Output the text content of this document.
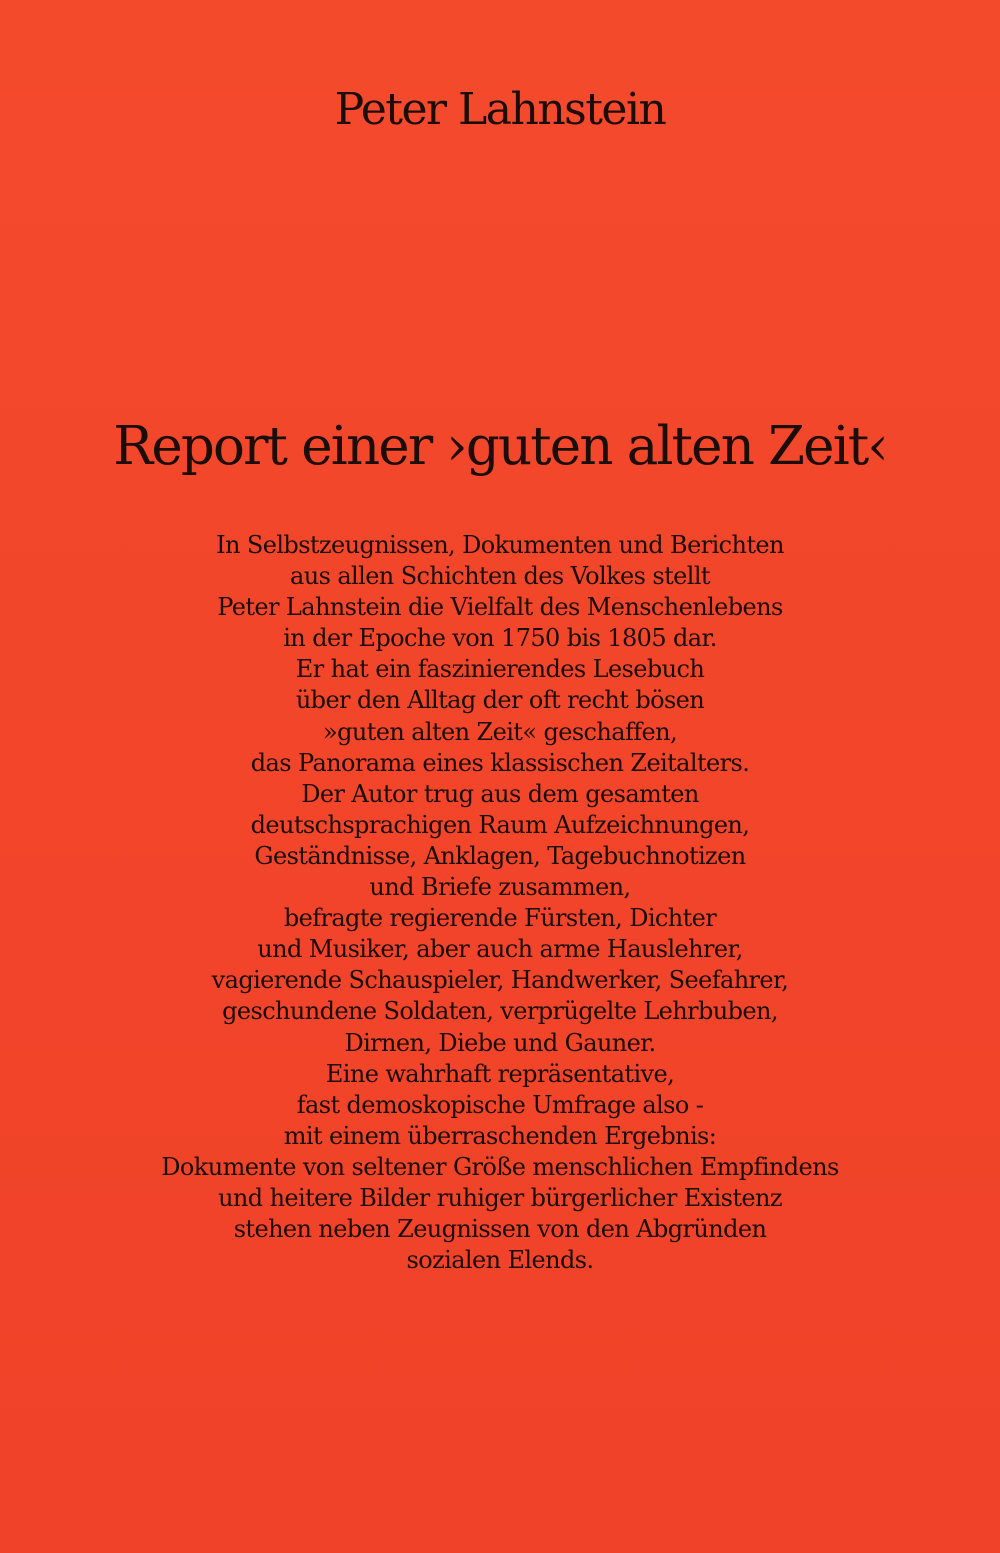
Peter Lahnstein
Report einer ›guten alten Zeit‹
In Selbstzeugnissen, Dokumenten und Berichten
aus allen Schichten des Volkes stellt
Peter Lahnstein die Vielfalt des Menschenlebens
in der Epoche von 1750 bis 1805 dar.
Er hat ein faszinierendes Lesebuch
über den Alltag der oft recht bösen
»guten alten Zeit« geschaffen,
das Panorama eines klassischen Zeitalters.
Der Autor trug aus dem gesamten
deutschsprachigen Raum Aufzeichnungen,
Geständnisse, Anklagen, Tagebuchnotizen
und Briefe zusammen,
befragte regierende Fürsten, Dichter
und Musiker, aber auch arme Hauslehrer,
vagierende Schauspieler, Handwerker, Seefahrer,
geschundene Soldaten, verprügelte Lehrbuben,
Dirnen, Diebe und Gauner.
Eine wahrhaft repräsentative,
fast demoskopische Umfrage also -
mit einem überraschenden Ergebnis:
Dokumente von seltener Größe menschlichen Empfindens
und heitere Bilder ruhiger bürgerlicher Existenz
stehen neben Zeugnissen von den Abgründen
sozialen Elends.
